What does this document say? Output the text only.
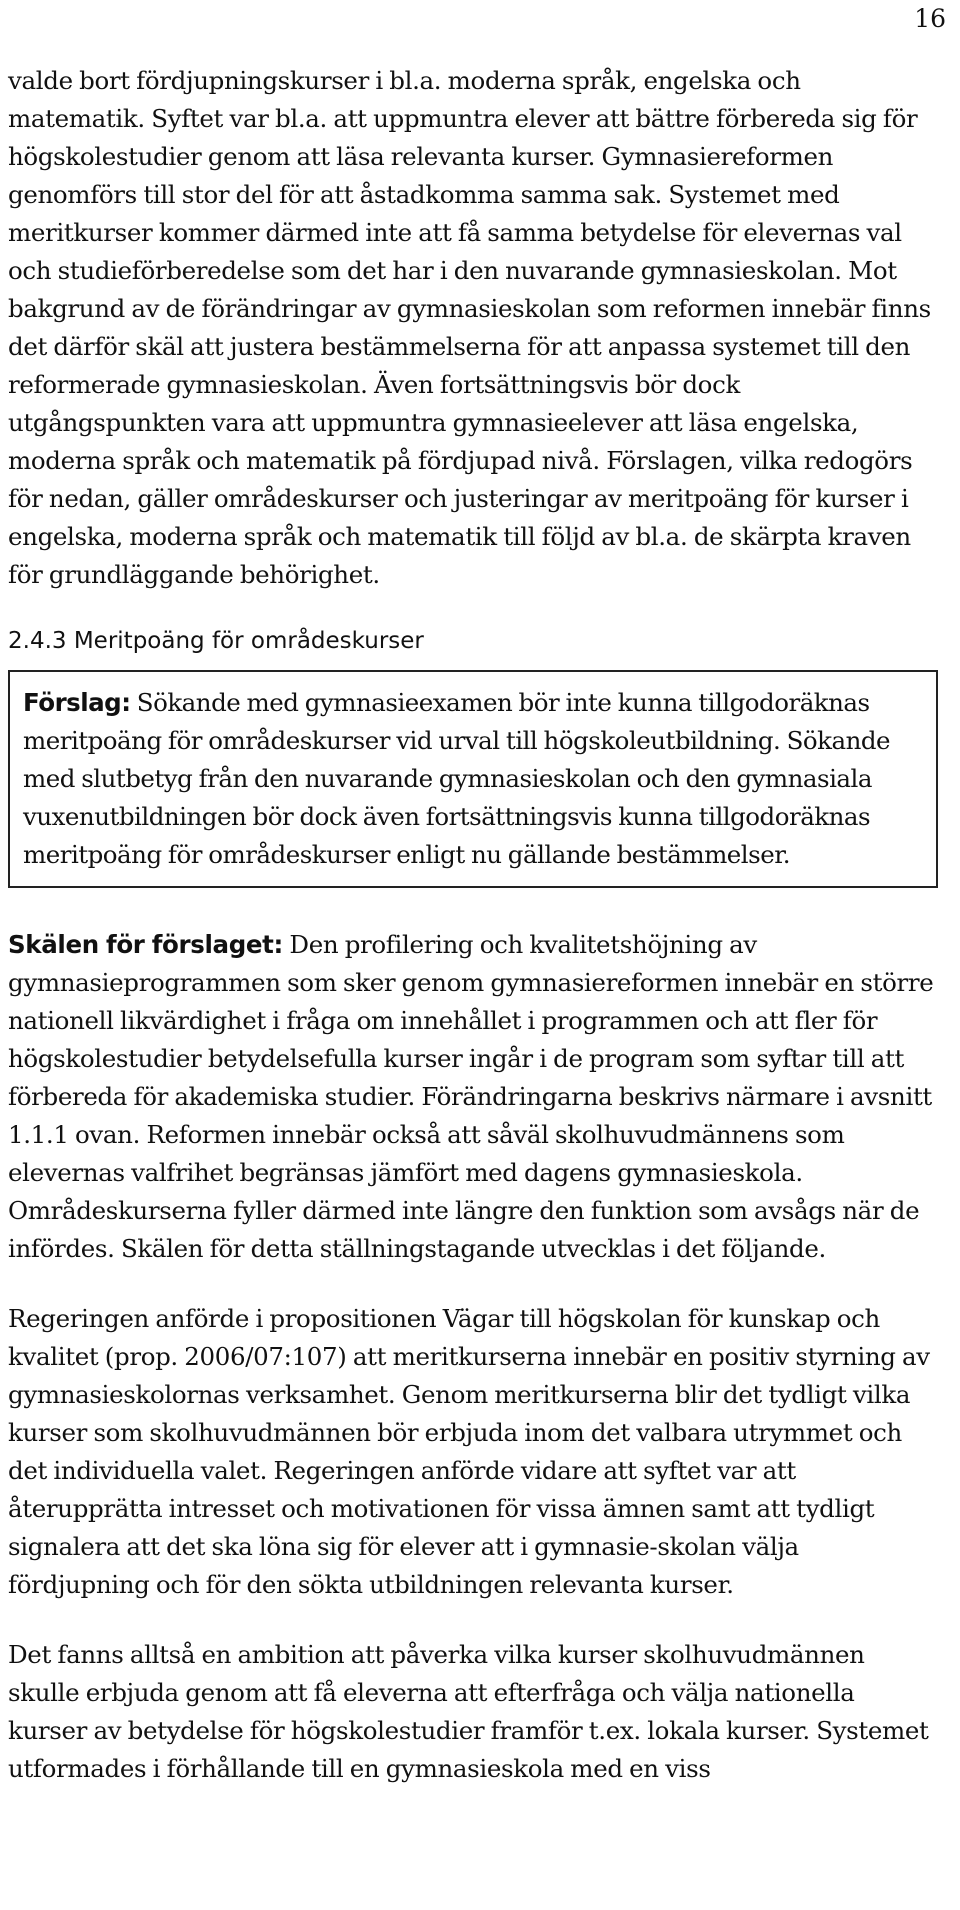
16

valde bort fördjupningskurser i bl.a. moderna språk, engelska och matematik. Syftet var bl.a. att uppmuntra elever att bättre förbereda sig för högskolestudier genom att läsa relevanta kurser. Gymnasiereformen genomförs till stor del för att åstadkomma samma sak. Systemet med meritkurser kommer därmed inte att få samma betydelse för elevernas val och studieförberedelse som det har i den nuvarande gymnasieskolan. Mot bakgrund av de förändringar av gymnasieskolan som reformen innebär finns det därför skäl att justera bestämmelserna för att anpassa systemet till den reformerade gymnasieskolan. Även fortsättningsvis bör dock utgångspunkten vara att uppmuntra gymnasieelever att läsa engelska, moderna språk och matematik på fördjupad nivå. Förslagen, vilka redogörs för nedan, gäller områdeskurser och justeringar av meritpoäng för kurser i engelska, moderna språk och matematik till följd av bl.a. de skärpta kraven för grundläggande behörighet.

2.4.3 Meritpoäng för områdeskurser

Förslag: Sökande med gymnasieexamen bör inte kunna tillgodoräknas meritpoäng för områdeskurser vid urval till högskoleutbildning. Sökande med slutbetyg från den nuvarande gymnasieskolan och den gymnasiala vuxenutbildningen bör dock även fortsättningsvis kunna tillgodoräknas meritpoäng för områdeskurser enligt nu gällande bestämmelser.

Skälen för förslaget: Den profilering och kvalitetshöjning av gymnasieprogrammen som sker genom gymnasiereformen innebär en större nationell likvärdighet i fråga om innehållet i programmen och att fler för högskolestudier betydelsefulla kurser ingår i de program som syftar till att förbereda för akademiska studier. Förändringarna beskrivs närmare i avsnitt 1.1.1 ovan. Reformen innebär också att såväl skolhuvudmännens som elevernas valfrihet begränsas jämfört med dagens gymnasieskola. Områdeskurserna fyller därmed inte längre den funktion som avsågs när de infördes. Skälen för detta ställningstagande utvecklas i det följande.

Regeringen anförde i propositionen Vägar till högskolan för kunskap och kvalitet (prop. 2006/07:107) att meritkurserna innebär en positiv styrning av gymnasieskolornas verksamhet. Genom meritkurserna blir det tydligt vilka kurser som skolhuvudmännen bör erbjuda inom det valbara utrymmet och det individuella valet. Regeringen anförde vidare att syftet var att återupprätta intresset och motivationen för vissa ämnen samt att tydligt signalera att det ska löna sig för elever att i gymnasie-skolan välja fördjupning och för den sökta utbildningen relevanta kurser.

Det fanns alltså en ambition att påverka vilka kurser skolhuvudmännen skulle erbjuda genom att få eleverna att efterfråga och välja nationella kurser av betydelse för högskolestudier framför t.ex. lokala kurser. Systemet utformades i förhållande till en gymnasieskola med en viss
